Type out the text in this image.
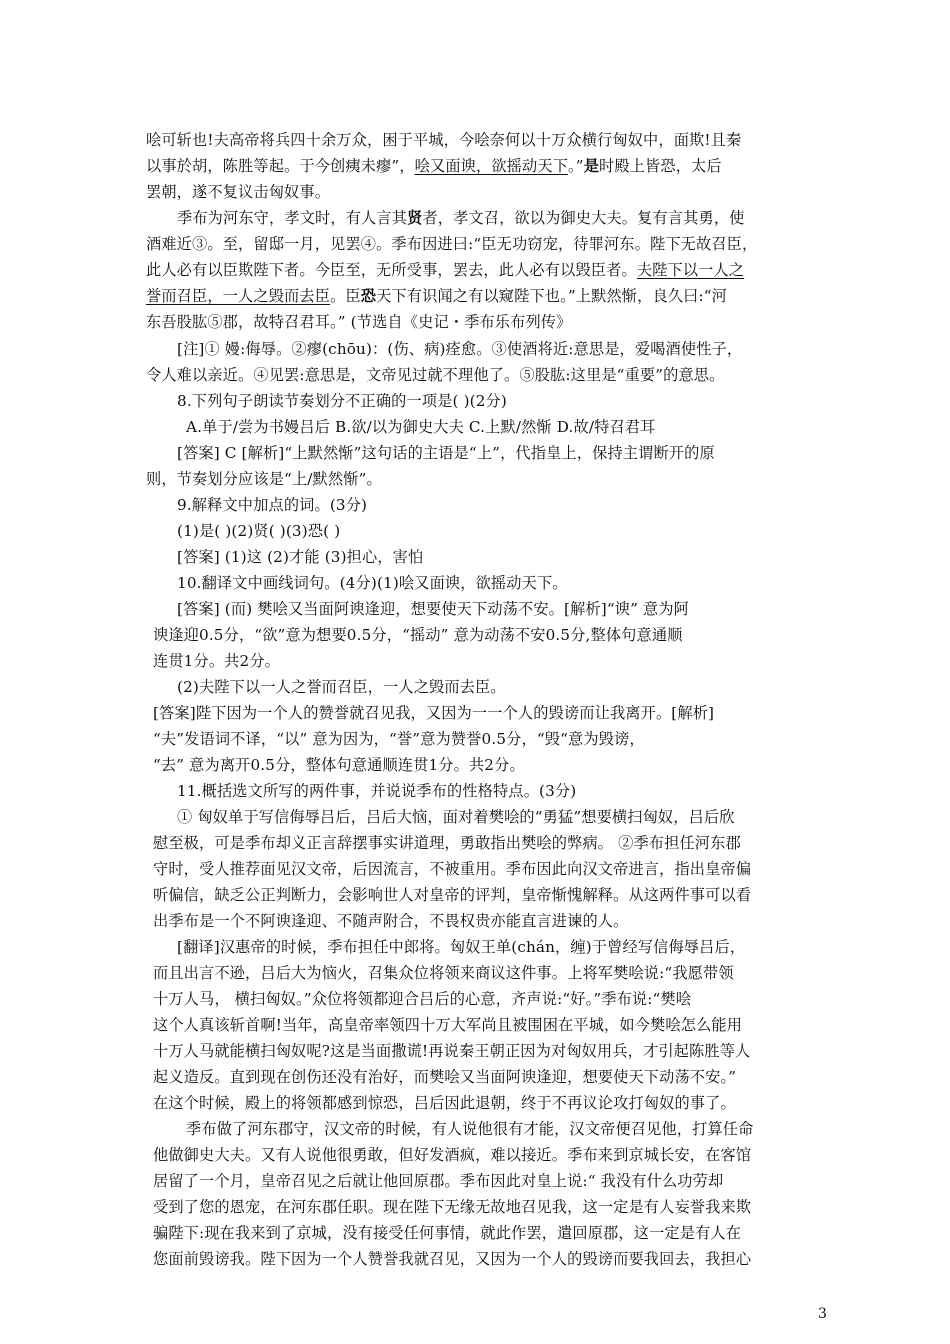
哙可斩也!夫高帝将兵四十余万众，困于平城，今哙奈何以十万众横行匈奴中，面欺!且秦
以事於胡，陈胜等起。于今创痍未瘳”，哙又面谀，欲摇动天下。”是时殿上皆恐，太后
罢朝，遂不复议击匈奴事。
季布为河东守，孝文时，有人言其贤者，孝文召，欲以为御史大夫。复有言其勇，使
酒难近③。至，留邸一月，见罢④。季布因进曰:“臣无功窃宠，待罪河东。陛下无故召臣，
此人必有以臣欺陛下者。今臣至，无所受事，罢去，此人必有以毁臣者。夫陛下以一人之
誉而召臣，一人之毁而去臣。臣恐天下有识闻之有以窥陛下也。”上默然惭，良久曰:“河
东吾股肱⑤郡，故特召君耳。” (节选自《史记・季布乐布列传》
[注]① 嫚:侮辱。②瘳(chōu)：(伤、病)痊愈。③使酒将近:意思是，爱喝酒使性子，
令人难以亲近。④见罢:意思是，文帝见过就不理他了。⑤股肱:这里是“重要”的意思。
8.下列句子朗读节奏划分不正确的一项是( )(2分)
A.单于/尝为书嫚吕后 B.欲/以为御史大夫 C.上默/然惭 D.故/特召君耳
[答案] C [解析]“上默然惭”这句话的主语是“上”，代指皇上，保持主谓断开的原
则，节奏划分应该是“上/默然惭”。
9.解释文中加点的词。(3分)
(1)是( )(2)贤( )(3)恐( )
[答案] (1)这 (2)才能 (3)担心，害怕
10.翻译文中画线词句。(4分)(1)哙又面谀，欲摇动天下。
[答案] (而) 樊哙又当面阿谀逢迎，想要使天下动荡不安。[解析]“谀” 意为阿
谀逢迎0.5分，“欲”意为想要0.5分，“摇动” 意为动荡不安0.5分,整体句意通顺
连贯1分。共2分。
(2)夫陛下以一人之誉而召臣，一人之毁而去臣。
[答案]陛下因为一个人的赞誉就召见我，又因为一一个人的毁谤而让我离开。[解析]
“夫”发语词不译，“以” 意为因为，“誉”意为赞誉0.5分，“毁“意为毁谤，
“去” 意为离开0.5分，整体句意通顺连贯1分。共2分。
11.概括选文所写的两件事，并说说季布的性格特点。(3分)
① 匈奴单于写信侮辱吕后，吕后大恼，面对着樊哙的“勇猛”想要横扫匈奴，吕后欣
慰至极，可是季布却义正言辞摆事实讲道理，勇敢指出樊哙的弊病。 ②季布担任河东郡
守时，受人推荐面见汉文帝，后因流言，不被重用。季布因此向汉文帝进言，指出皇帝偏
听偏信，缺乏公正判断力，会影响世人对皇帝的评判，皇帝惭愧解释。从这两件事可以看
出季布是一个不阿谀逢迎、不随声附合，不畏权贵亦能直言进谏的人。
[翻译]汉惠帝的时候，季布担任中郎将。匈奴王单(chán，缠)于曾经写信侮辱吕后，
而且出言不逊，吕后大为恼火，召集众位将领来商议这件事。上将军樊哙说:“我愿带领
十万人马， 横扫匈奴。”众位将领都迎合吕后的心意，齐声说:“好。”季布说:“樊哙
这个人真该斩首啊!当年，高皇帝率领四十万大军尚且被围困在平城，如今樊哙怎么能用
十万人马就能横扫匈奴呢?这是当面撒谎!再说秦王朝正因为对匈奴用兵，才引起陈胜等人
起义造反。直到现在创伤还没有治好，而樊哙又当面阿谀逢迎，想要使天下动荡不安。”
在这个时候，殿上的将领都感到惊恐，吕后因此退朝，终于不再议论攻打匈奴的事了。
季布做了河东郡守，汉文帝的时候，有人说他很有才能，汉文帝便召见他，打算任命
他做御史大夫。又有人说他很勇敢，但好发酒疯，难以接近。季布来到京城长安，在客馆
居留了一个月，皇帝召见之后就让他回原郡。季布因此对皇上说:“ 我没有什么功劳却
受到了您的恩宠，在河东郡任职。现在陛下无缘无故地召见我，这一定是有人妄誉我来欺
骗陛下:现在我来到了京城，没有接受任何事情，就此作罢，遣回原郡，这一定是有人在
您面前毁谤我。陛下因为一个人赞誉我就召见，又因为一个人的毁谤而要我回去，我担心
3
